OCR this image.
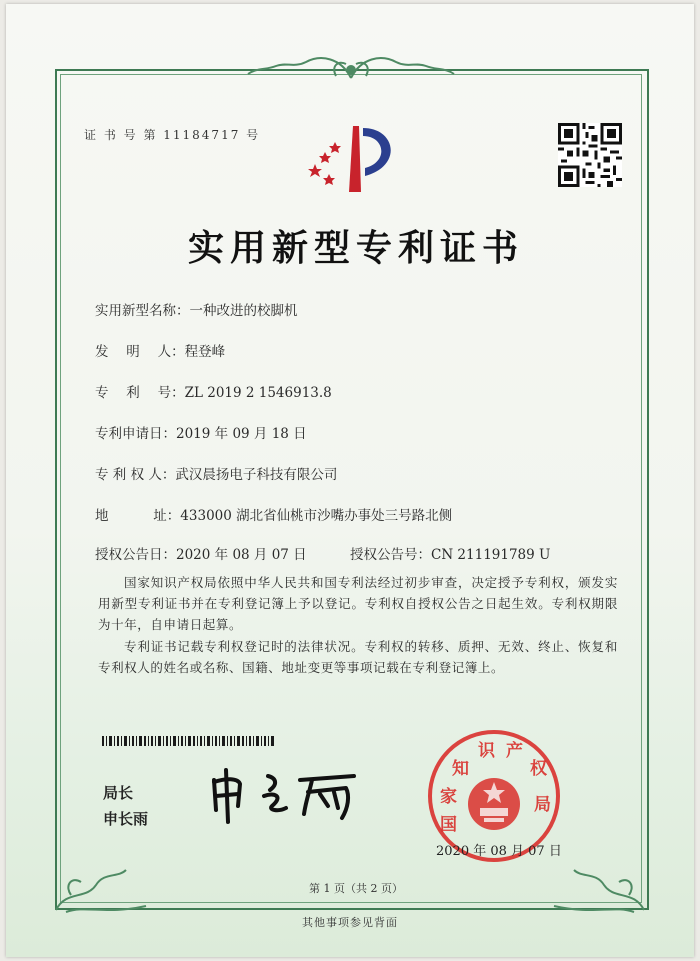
证 书 号 第 11184717 号
实用新型专利证书
实用新型名称：一种改进的校脚机
发　 明　 人：程登峰
专　 利　 号：ZL 2019 2 1546913.8
专利申请日：2019 年 09 月 18 日
专 利 权 人：武汉晨扬电子科技有限公司
地　　　 址：433000 湖北省仙桃市沙嘴办事处三号路北侧
授权公告日：2020 年 08 月 07 日	授权公告号：CN 211191789 U
国家知识产权局依照中华人民共和国专利法经过初步审查，决定授予专利权，颁发实用新型专利证书并在专利登记簿上予以登记。专利权自授权公告之日起生效。专利权期限为十年，自申请日起算。
专利证书记载专利权登记时的法律状况。专利权的转移、质押、无效、终止、恢复和专利权人的姓名或名称、国籍、地址变更等事项记载在专利登记簿上。
局长
申长雨	国
家
知
识 产
权
局
2020 年 08 月 07 日
第 1 页（共 2 页）
其他事项参见背面
